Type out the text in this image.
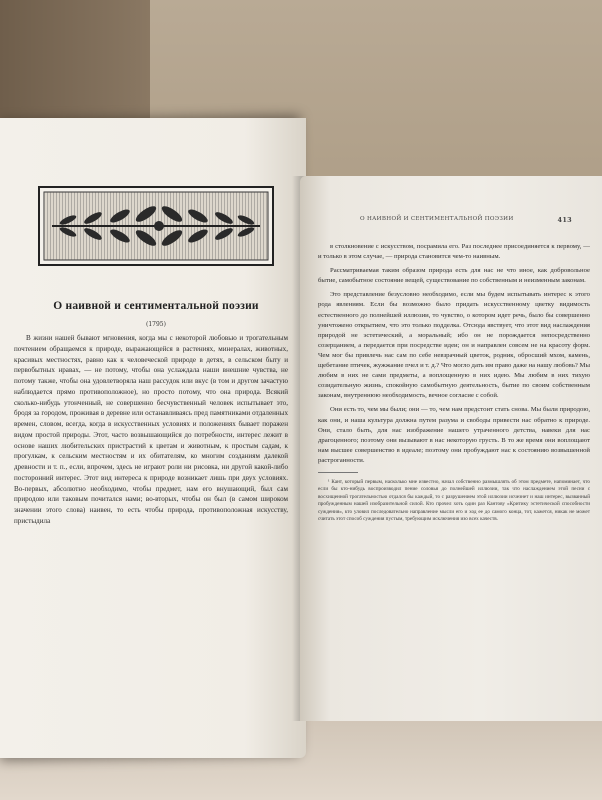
О наивной и сентиментальной поэзии
(1795)

В жизни нашей бывают мгновения, когда мы с некоторой любовью и трогательным почтением обращаемся к природе, выражающейся в растениях, минералах, животных, красивых местностях, равно как к человеческой природе в детях, в сельском быту и первобытных нравах, — не потому, чтобы она услаждала наши внешние чувства, не потому также, чтобы она удовлетворяла наш рассудок или вкус (в том и другом зачастую наблюдается прямо противоположное), но просто потому, что она природа. Всякий сколько-нибудь утонченный, не совершенно бесчувственный человек испытывает это, бродя за городом, проживая в деревне или останавливаясь пред памятниками отдаленных времен, словом, всегда, когда в искусственных условиях и положениях бывает поражен видом простой природы. Этот, часто возвышающийся до потребности, интерес лежит в основе наших любительских пристрастий к цветам и животным, к простым садам, к прогулкам, к сельским местностям и их обитателям, ко многим созданиям далекой древности и т. п., если, впрочем, здесь не играют роли ни рисовка, ни другой какой-либо посторонний интерес. Этот вид интереса к природе возникает лишь при двух условиях. Во-первых, абсолютно необходимо, чтобы предмет, нам его внушающий, был сам природою или таковым почитался нами; во-вторых, чтобы он был (в самом широком значении этого слова) наивен, то есть чтобы природа, противоположная искусству, пристыдила

О НАИВНОЙ И СЕНТИМЕНТАЛЬНОЙ ПОЭЗИИ	413

в столкновение с искусством, посрамила его. Раз последнее присоединяется к первому, — и только в этом случае, — природа становится чем-то наивным.

Рассматриваемая таким образом природа есть для нас не что иное, как добровольное бытие, самобытное состояние вещей, существование по собственным и неизменным законам.

Это представление безусловно необходимо, если мы будем испытывать интерес к этого рода явлениям. Если бы возможно было придать искусственному цветку видимость естественного до полнейшей иллюзии, то чувство, о котором идет речь, было бы совершенно уничтожено открытием, что это только подделка. Отсюда явствует, что этот вид наслаждения природой не эстетический, а моральный; ибо он не порождается непосредственно созерцанием, а передается при посредстве идеи; он и направлен совсем не на красоту форм. Чем мог бы привлечь нас сам по себе невзрачный цветок, родник, обросший мхом, камень, щебетание птичек, жужжание пчел и т. д.? Что могло дать им право даже на нашу любовь? Мы любим в них не сами предметы, а воплощенную в них идею. Мы любим в них тихую созидательную жизнь, спокойную самобытную деятельность, бытие по своим собственным законам, внутреннюю необходимость, вечное согласие с собой.

Они есть то, чем мы были; они — то, чем нам предстоит стать снова. Мы были природою, как они, и наша культура должна путем разума и свободы привести нас обратно к природе. Они, стало быть, для нас изображение нашего утраченного детства, навеки для нас драгоценного; поэтому они вызывают в нас некоторую грусть. В то же время они воплощают нам высшее совершенство в идеале; поэтому они пробуждают нас к состоянию возвышенной растроганности.

¹ Кант, который первым, насколько мне известно, начал собственно размышлять об этом предмете, напоминает, что если бы кто-нибудь воспроизводил пение соловья до полнейшей иллюзии, так что наслаждением этой песни с восхищенной трогательностью отдался бы каждый, то с разрушением этой иллюзии исчезнет и наш интерес, вызванный пробужденным нашей изобразительной силой. Кто прочел хоть один раз Кантову «Критику эстетической способности суждения», кто уловил последовательно направление мысли его и ход ее до самого конца, тот, кажется, никак не может считать этот способ суждения пустым, требующим исключения изо всех качеств.
